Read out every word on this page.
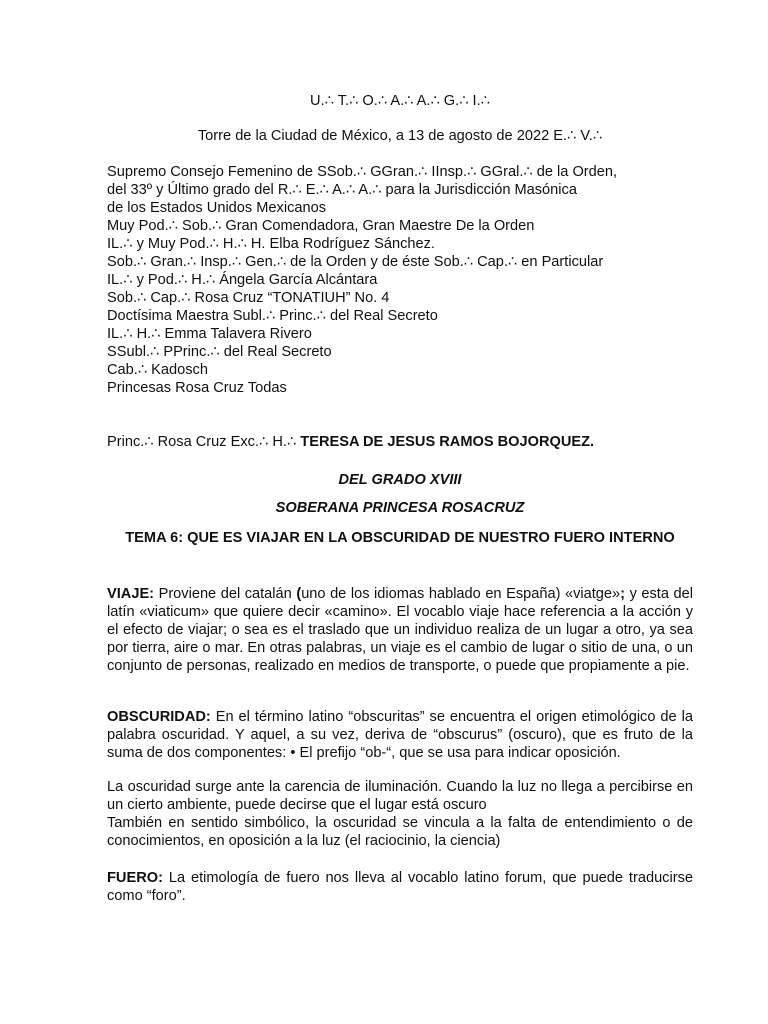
U.∴ T.∴ O.∴ A.∴ A.∴ G.∴ I.∴

Torre de la Ciudad de México, a 13 de agosto de 2022 E.∴ V.∴

Supremo Consejo Femenino de SSob.∴ GGran.∴ IInsp.∴ GGral.∴ de la Orden,

del 33º y Último grado del R.∴ E.∴ A.∴ A.∴ para la Jurisdicción Masónica

de los Estados Unidos Mexicanos

Muy Pod.∴ Sob.∴ Gran Comendadora, Gran Maestre De la Orden

IL.∴ y Muy Pod.∴ H.∴ H. Elba Rodríguez Sánchez.

Sob.∴ Gran.∴ Insp.∴ Gen.∴ de la Orden y de éste Sob.∴ Cap.∴ en Particular

IL.∴ y Pod.∴ H.∴ Ángela García Alcántara

Sob.∴ Cap.∴ Rosa Cruz “TONATIUH” No. 4

Doctísima Maestra Subl.∴ Princ.∴ del Real Secreto

IL.∴ H.∴ Emma Talavera Rivero

SSubl.∴ PPrinc.∴ del Real Secreto

Cab.∴ Kadosch

Princesas Rosa Cruz Todas

Princ.∴ Rosa Cruz Exc.∴ H.∴ TERESA DE JESUS RAMOS BOJORQUEZ.

DEL GRADO XVIII

SOBERANA PRINCESA ROSACRUZ

TEMA 6: QUE ES VIAJAR EN LA OBSCURIDAD DE NUESTRO FUERO INTERNO

VIAJE: Proviene del catalán (uno de los idiomas hablado en España) «viatge»; y esta del latín «viaticum» que quiere decir «camino». El vocablo viaje hace referencia a la acción y el efecto de viajar; o sea es el traslado que un individuo realiza de un lugar a otro, ya sea por tierra, aire o mar. En otras palabras, un viaje es el cambio de lugar o sitio de una, o un conjunto de personas, realizado en medios de transporte, o puede que propiamente a pie.

OBSCURIDAD: En el término latino “obscuritas” se encuentra el origen etimológico de la palabra oscuridad. Y aquel, a su vez, deriva de “obscurus” (oscuro), que es fruto de la suma de dos componentes: • El prefijo “ob-“, que se usa para indicar oposición.

La oscuridad surge ante la carencia de iluminación. Cuando la luz no llega a percibirse en un cierto ambiente, puede decirse que el lugar está oscuro

También en sentido simbólico, la oscuridad se vincula a la falta de entendimiento o de conocimientos, en oposición a la luz (el raciocinio, la ciencia)

FUERO: La etimología de fuero nos lleva al vocablo latino forum, que puede traducirse como “foro”.
